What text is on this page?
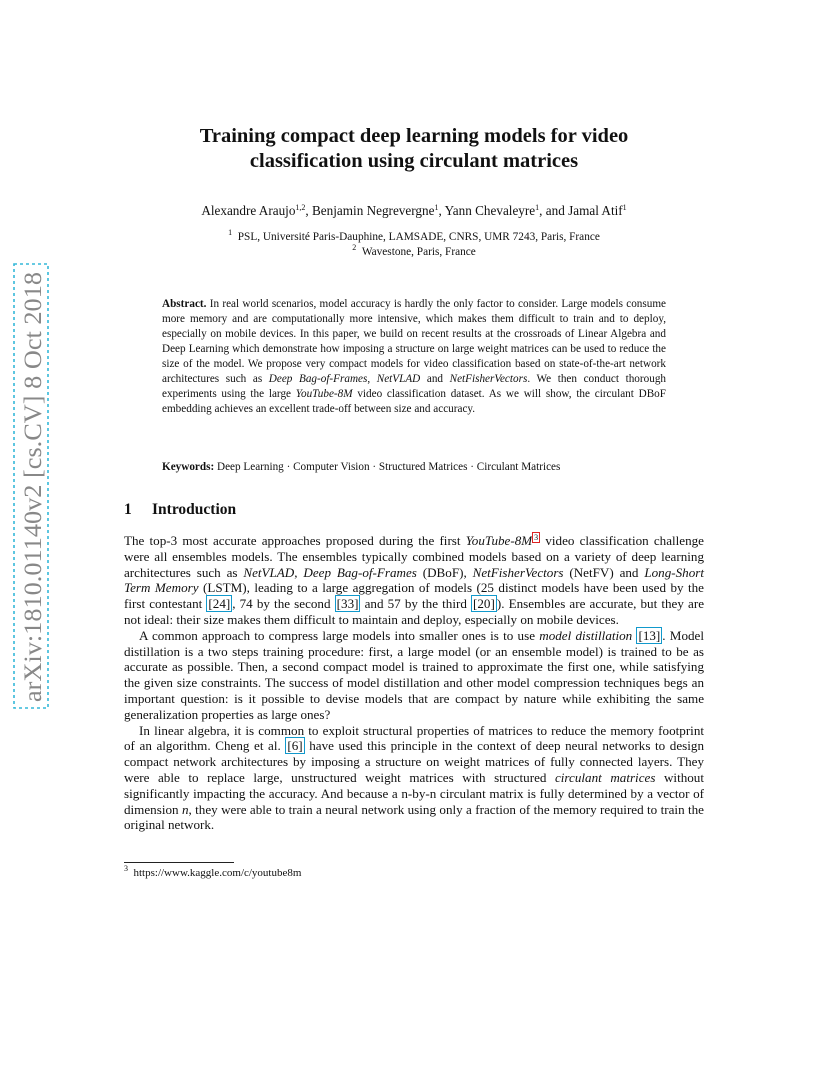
arXiv:1810.01140v2 [cs.CV] 8 Oct 2018
Training compact deep learning models for video
classification using circulant matrices
Alexandre Araujo$^{1,2}$, Benjamin Negrevergne$^1$, Yann Chevaleyre$^1$, and Jamal Atif$^1$
$^1$ PSL, Université Paris-Dauphine, LAMSADE, CNRS, UMR 7243, Paris, France
$^2$ Wavestone, Paris, France
Abstract. In real world scenarios, model accuracy is hardly the only factor to consider. Large models consume more memory and are computationally more intensive, which makes them difficult to train and to deploy, especially on mobile devices. In this paper, we build on recent results at the crossroads of Linear Algebra and Deep Learning which demonstrate how imposing a structure on large weight matrices can be used to reduce the size of the model. We propose very compact models for video classification based on state-of-the-art network architectures such as Deep Bag-of-Frames, NetVLAD and NetFisherVectors. We then conduct thorough experiments using the large YouTube-8M video classification dataset. As we will show, the circulant DBoF embedding achieves an excellent trade-off between size and accuracy.
Keywords: Deep Learning · Computer Vision · Structured Matrices · Circulant Matrices
1 Introduction

The top-3 most accurate approaches proposed during the first YouTube-8M $^3$ video classification challenge were all ensembles models. The ensembles typically combined models based on a variety of deep learning architectures such as NetVLAD, Deep Bag-of-Frames (DBoF), NetFisherVectors (NetFV) and Long-Short Term Memory (LSTM), leading to a large aggregation of models (25 distinct models have been used by the first contestant [24] , 74 by the second [33] and 57 by the third [20] ). Ensembles are accurate, but they are not ideal: their size makes them difficult to maintain and deploy, especially on mobile devices.

A common approach to compress large models into smaller ones is to use model distillation [13] . Model distillation is a two steps training procedure: first, a large model (or an ensemble model) is trained to be as accurate as possible. Then, a second compact model is trained to approximate the first one, while satisfying the given size constraints. The success of model distillation and other model compression techniques begs an important question: is it possible to devise models that are compact by nature while exhibiting the same generalization properties as large ones?

In linear algebra, it is common to exploit structural properties of matrices to reduce the memory footprint of an algorithm. Cheng et al. [6] have used this principle in the context of deep neural networks to design compact network architectures by imposing a structure on weight matrices of fully connected layers. They were able to replace large, unstructured weight matrices with structured circulant matrices without significantly impacting the accuracy. And because a n-by-n circulant matrix is fully determined by a vector of dimension n, they were able to train a neural network using only a fraction of the memory required to train the original network.

$^3$ https://www.kaggle.com/c/youtube8m
